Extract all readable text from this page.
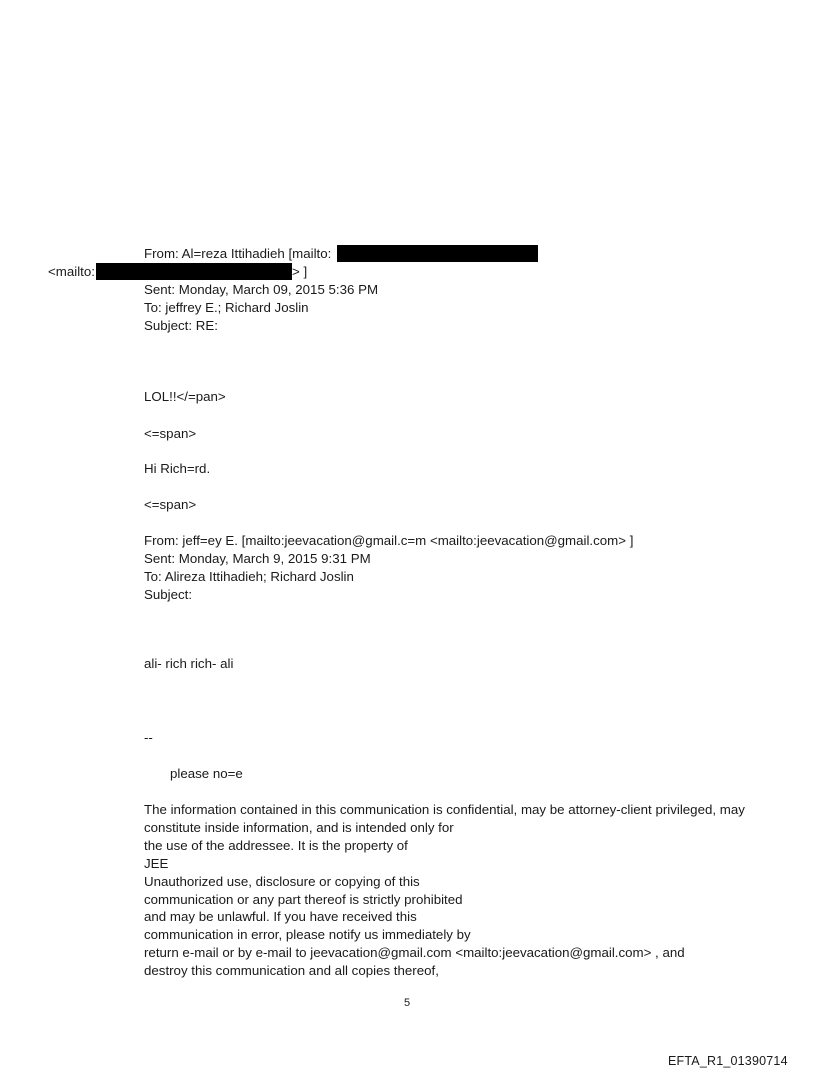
From: Al=reza Ittihadieh [mailto:
<mailto:	> ]
Sent: Monday, March 09, 2015 5:36 PM
To: jeffrey E.; Richard Joslin
Subject: RE:
LOL!!</=pan>
<=span>
Hi Rich=rd.
<=span>
From: jeff=ey E. [mailto:jeevacation@gmail.c=m <mailto:jeevacation@gmail.com> ]
Sent: Monday, March 9, 2015 9:31 PM
To: Alireza Ittihadieh; Richard Joslin
Subject:
ali- rich rich- ali
--
please no=e
The information contained in this communication is confidential, may be attorney-client privileged, may
constitute inside information, and is intended only for
the use of the addressee. It is the property of
JEE
Unauthorized use, disclosure or copying of this
communication or any part thereof is strictly prohibited
and may be unlawful. If you have received this
communication in error, please notify us immediately by
return e-mail or by e-mail to jeevacation@gmail.com <mailto:jeevacation@gmail.com> , and
destroy this communication and all copies thereof,
5
EFTA_R1_01390714
